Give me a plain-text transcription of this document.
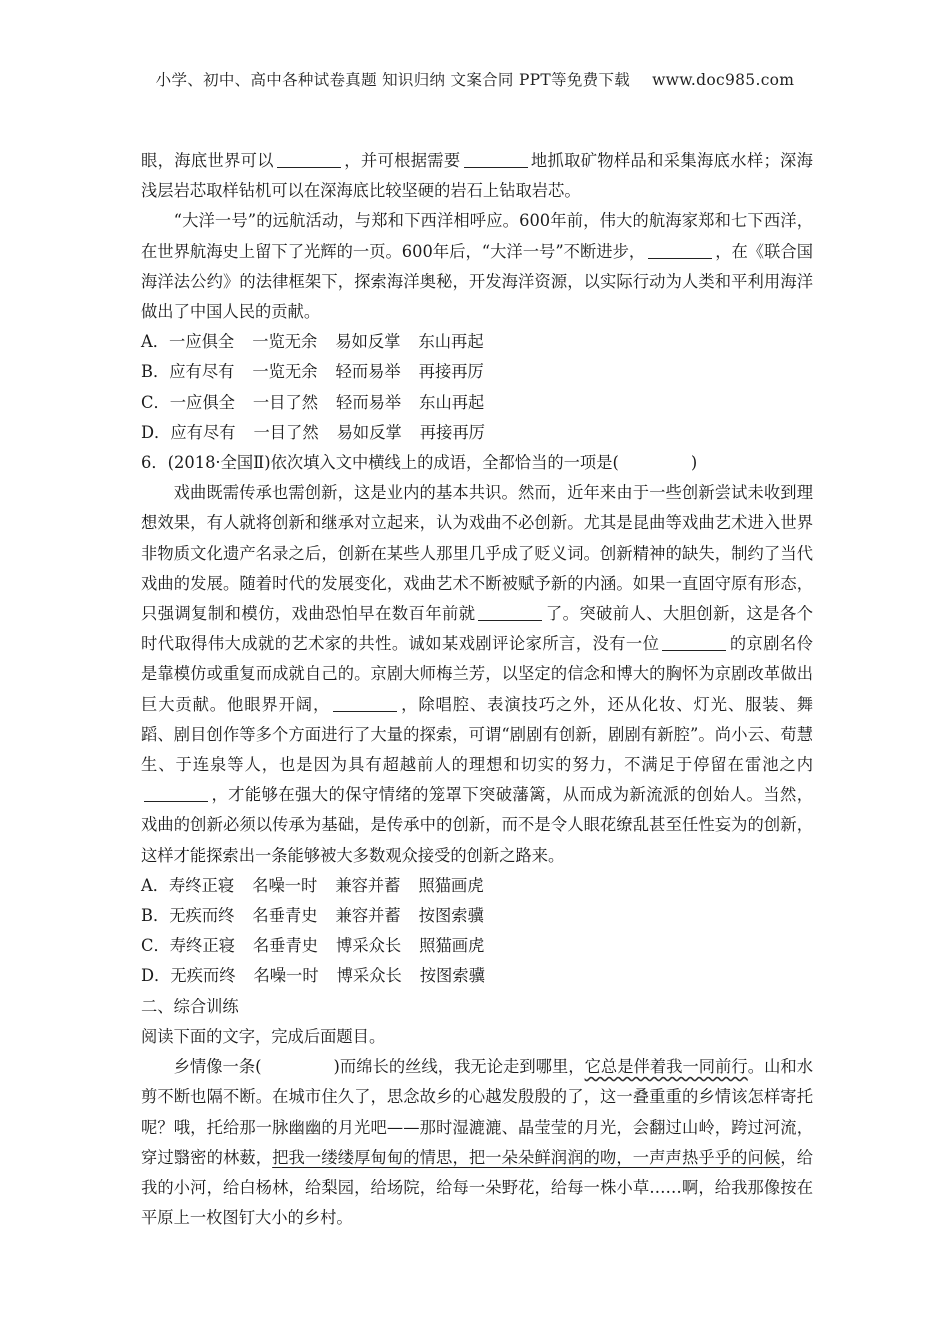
小学、初中、高中各种试卷真题 知识归纳 文案合同 PPT等免费下载 www.doc985.com

眼，海底世界可以	，并可根据需要	地抓取矿物样品和采集海底水样；深海浅层岩芯取样钻机可以在深海底比较坚硬的岩石上钻取岩芯。

“大洋一号”的远航活动，与郑和下西洋相呼应。600年前，伟大的航海家郑和七下西洋，在世界航海史上留下了光辉的一页。600年后，“大洋一号”不断进步，	，在《联合国海洋法公约》的法律框架下，探索海洋奥秘，开发海洋资源，以实际行动为人类和平利用海洋做出了中国人民的贡献。

A．一应俱全 一览无余 易如反掌 东山再起

B．应有尽有 一览无余 轻而易举 再接再厉

C．一应俱全 一目了然 轻而易举 东山再起

D．应有尽有 一目了然 易如反掌 再接再厉

6．(2018·全国Ⅱ)依次填入文中横线上的成语，全都恰当的一项是(	)

戏曲既需传承也需创新，这是业内的基本共识。然而，近年来由于一些创新尝试未收到理想效果，有人就将创新和继承对立起来，认为戏曲不必创新。尤其是昆曲等戏曲艺术进入世界非物质文化遗产名录之后，创新在某些人那里几乎成了贬义词。创新精神的缺失，制约了当代戏曲的发展。随着时代的发展变化，戏曲艺术不断被赋予新的内涵。如果一直固守原有形态，只强调复制和模仿，戏曲恐怕早在数百年前就	了。突破前人、大胆创新，这是各个时代取得伟大成就的艺术家的共性。诚如某戏剧评论家所言，没有一位	的京剧名伶是靠模仿或重复而成就自己的。京剧大师梅兰芳，以坚定的信念和博大的胸怀为京剧改革做出巨大贡献。他眼界开阔，	，除唱腔、表演技巧之外，还从化妆、灯光、服装、舞蹈、剧目创作等多个方面进行了大量的探索，可谓“剧剧有创新，剧剧有新腔”。尚小云、荀慧生、于连泉等人，也是因为具有超越前人的理想和切实的努力，不满足于停留在雷池之内，才能够在强大的保守情绪的笼罩下突破藩篱，从而成为新流派的创始人。当然，戏曲的创新必须以传承为基础，是传承中的创新，而不是令人眼花缭乱甚至任性妄为的创新，这样才能探索出一条能够被大多数观众接受的创新之路来。

A．寿终正寝 名噪一时 兼容并蓄 照猫画虎

B．无疾而终 名垂青史 兼容并蓄 按图索骥

C．寿终正寝 名垂青史 博采众长 照猫画虎

D．无疾而终 名噪一时 博采众长 按图索骥

二、综合训练

阅读下面的文字，完成后面题目。

乡情像一条(	)而绵长的丝线，我无论走到哪里，它总是伴着我一同前行。山和水剪不断也隔不断。在城市住久了，思念故乡的心越发殷殷的了，这一叠重重的乡情该怎样寄托呢？哦，托给那一脉幽幽的月光吧——那时湿漉漉、晶莹莹的月光，会翻过山岭，跨过河流，穿过翳密的林薮，把我一缕缕厚甸甸的情思，把一朵朵鲜润润的吻，一声声热乎乎的问候，给我的小河，给白杨林，给梨园，给场院，给每一朵野花，给每一株小草……啊，给我那像按在平原上一枚图钉大小的乡村。
